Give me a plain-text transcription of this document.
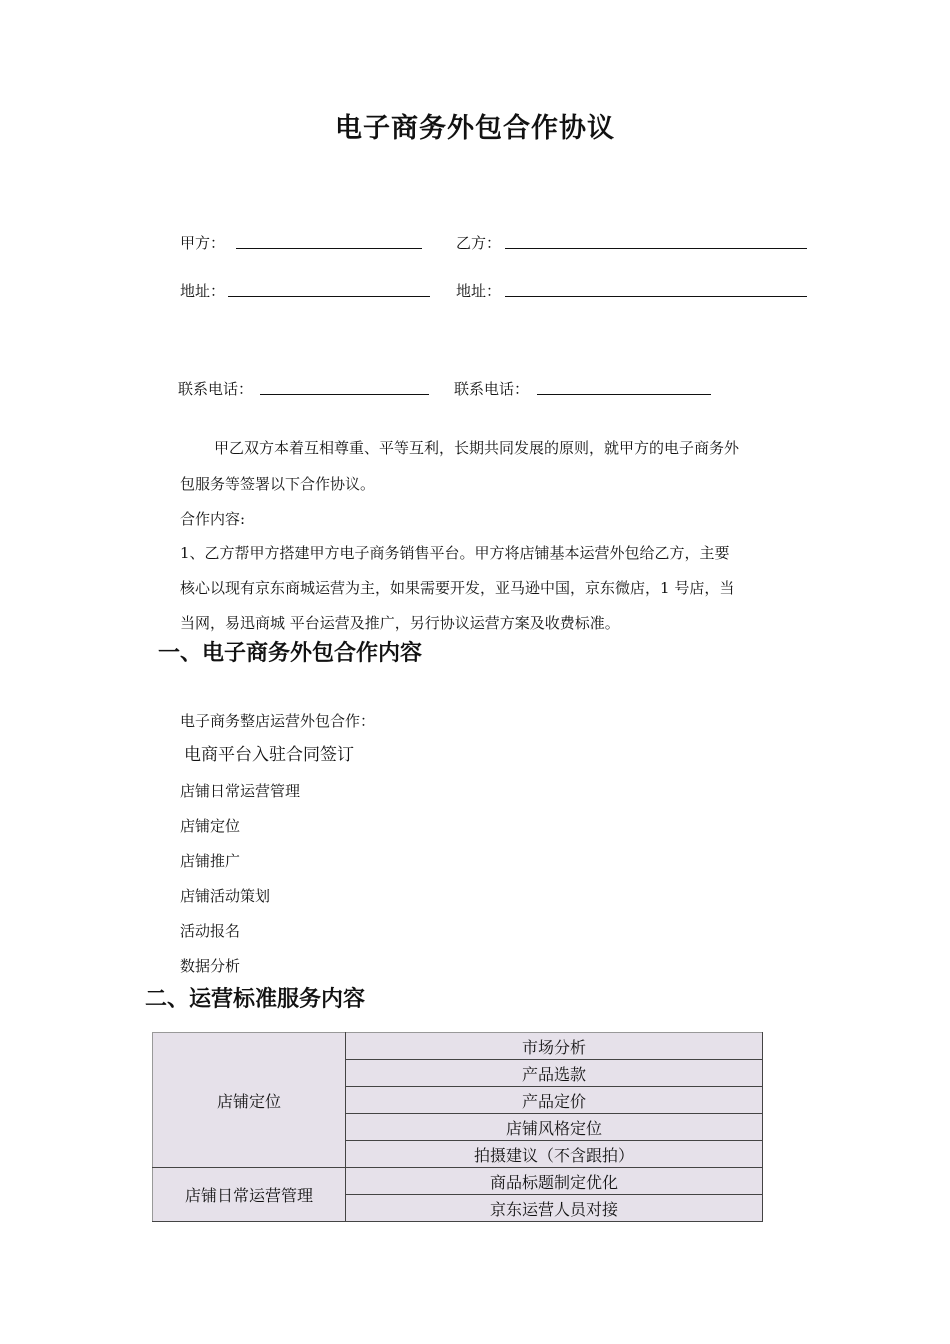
电子商务外包合作协议
甲方：	乙方：
地址：	地址：
联系电话：	联系电话：
甲乙双方本着互相尊重、平等互利，长期共同发展的原则，就甲方的电子商务外
包服务等签署以下合作协议。
合作内容:
1、乙方帮甲方搭建甲方电子商务销售平台。甲方将店铺基本运营外包给乙方，主要
核心以现有京东商城运营为主，如果需要开发，亚马逊中国，京东微店，1 号店，当
当网，易迅商城 平台运营及推广，另行协议运营方案及收费标准。
一、电子商务外包合作内容
电子商务整店运营外包合作：
电商平台入驻合同签订
店铺日常运营管理
店铺定位
店铺推广
店铺活动策划
活动报名
数据分析
二、运营标准服务内容
店铺定位	市场分析
	产品选款
	产品定价
	店铺风格定位
	拍摄建议（不含跟拍）
店铺日常运营管理	商品标题制定优化
	京东运营人员对接
